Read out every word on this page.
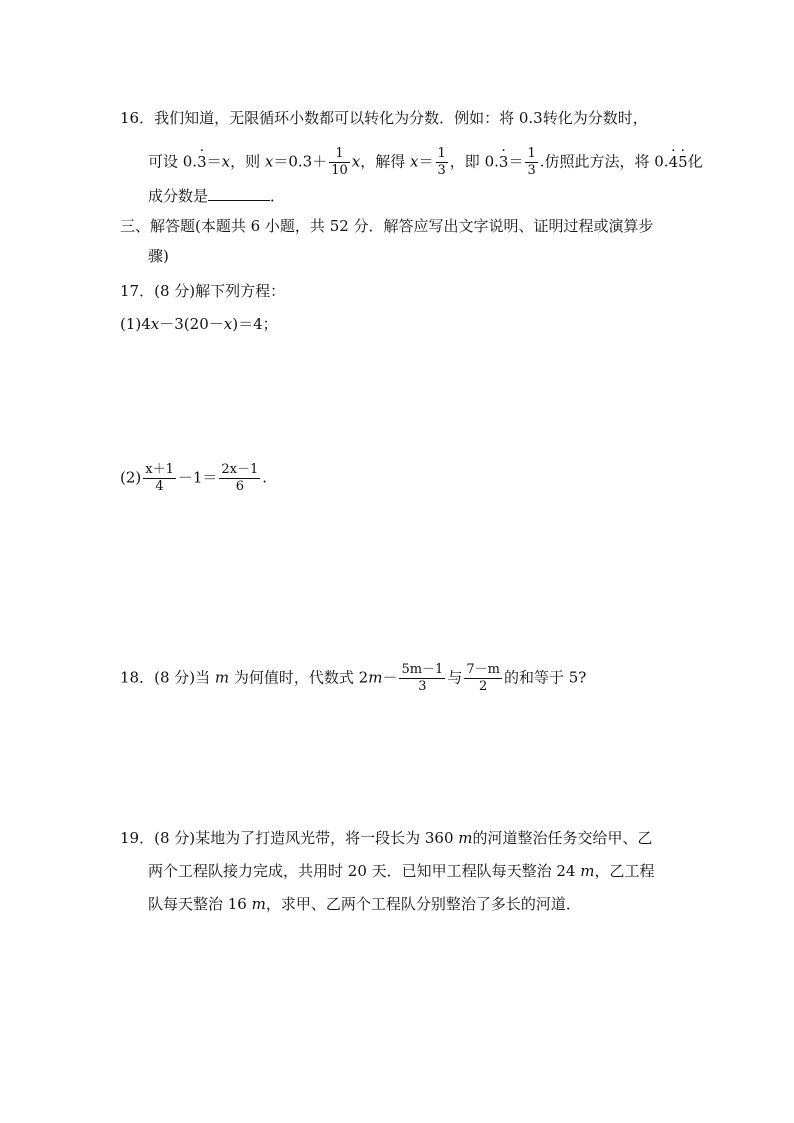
16．我们知道，无限循环小数都可以转化为分数．例如：将 0.3转化为分数时，
可设 0.· 3＝x，则 $x=0.3+ \frac{1}{10}$ x，解得 $x= \frac{1}{3}$ ，即 $0.\cdot 3= \frac{1}{3}$ .仿照此方法，将 0.· 4· 5化
成分数是	．
三、解答题(本题共 6 小题，共 52 分．解答应写出文字说明、证明过程或演算步
骤)
17．(8 分)解下列方程：
(1)4x－3(20－x)＝4；
$(2) \frac{x+1}{4} -1= \frac{2x-1}{6}$ .
18．(8 分)当 m 为何值时，代数式 $2m- \frac{5m-1}{3}$ 与 $\frac{7-m}{2}$ 的和等于 5?
19．(8 分)某地为了打造风光带，将一段长为 360 m的河道整治任务交给甲、乙
两个工程队接力完成，共用时 20 天．已知甲工程队每天整治 24 m，乙工程
队每天整治 16 m，求甲、乙两个工程队分别整治了多长的河道．
